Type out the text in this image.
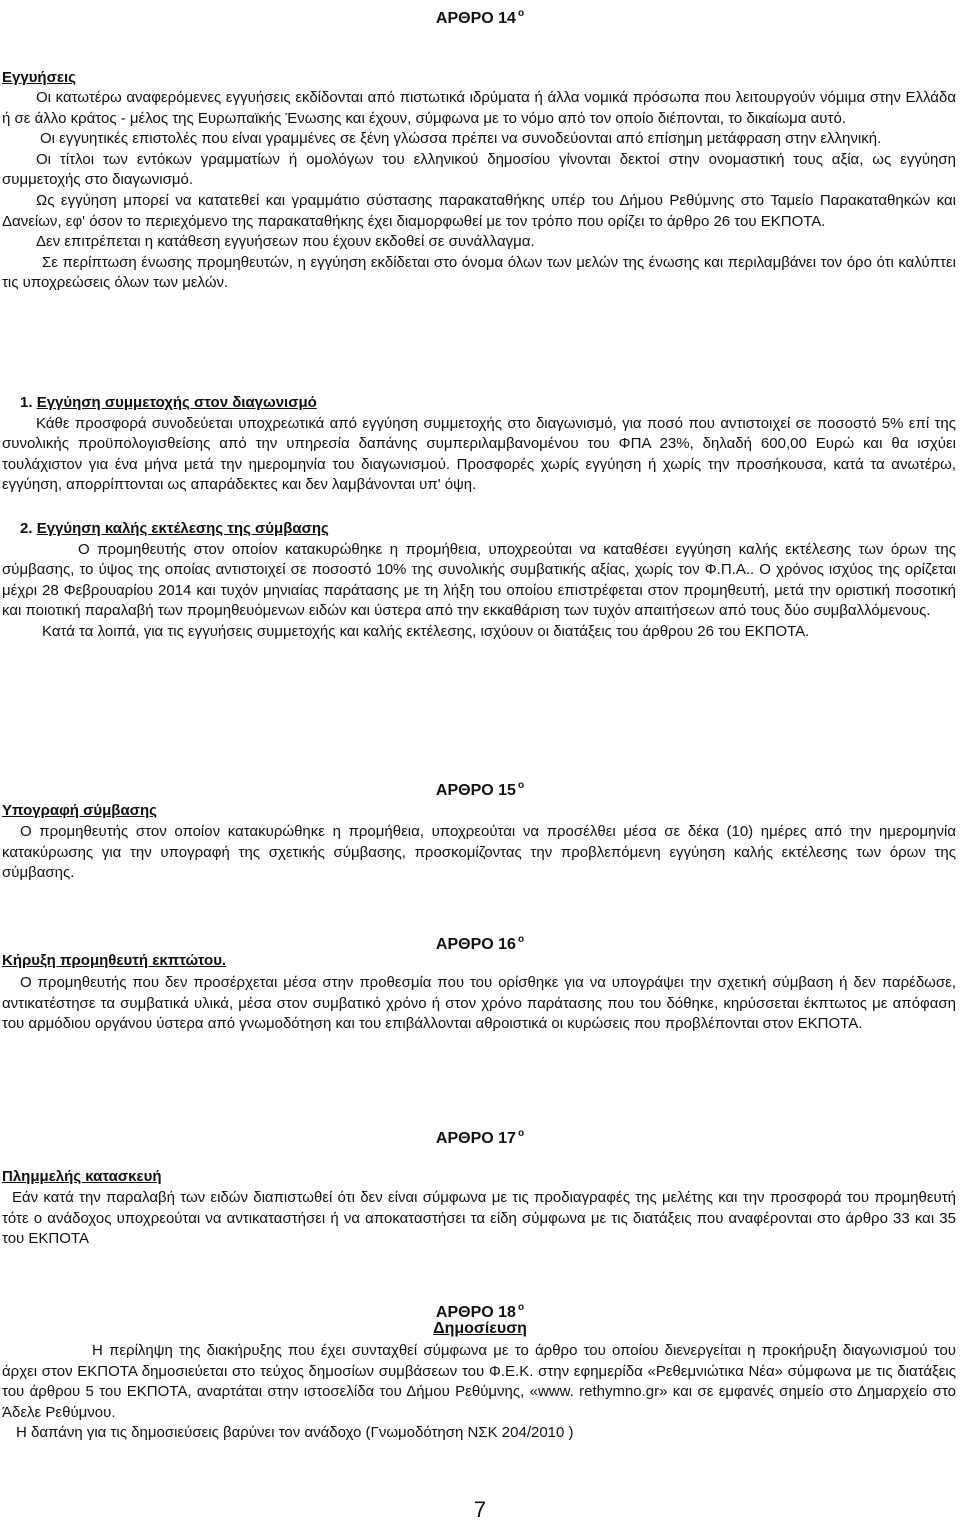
ΑΡΘΡΟ 14 $^o$
Εγγυήσεις

Οι κατωτέρω αναφερόμενες εγγυήσεις εκδίδονται από πιστωτικά ιδρύματα ή άλλα νομικά πρόσωπα που λειτουργούν νόμιμα στην Ελλάδα ή σε άλλο κράτος - μέλος της Ευρωπαϊκής Ένωσης και έχουν, σύμφωνα με το νόμο από τον οποίο διέπονται, το δικαίωμα αυτό.

Οι εγγυητικές επιστολές που είναι γραμμένες σε ξένη γλώσσα πρέπει να συνοδεύονται από επίσημη μετάφραση στην ελληνική.

Οι τίτλοι των εντόκων γραμματίων ή ομολόγων του ελληνικού δημοσίου γίνονται δεκτοί στην ονομαστική τους αξία, ως εγγύηση συμμετοχής στο διαγωνισμό.

Ως εγγύηση μπορεί να κατατεθεί και γραμμάτιο σύστασης παρακαταθήκης υπέρ του Δήμου Ρεθύμνης στο Ταμείο Παρακαταθηκών και Δανείων, εφ' όσον το περιεχόμενο της παρακαταθήκης έχει διαμορφωθεί με τον τρόπο που ορίζει το άρθρο 26 του ΕΚΠΟΤΑ.

Δεν επιτρέπεται η κατάθεση εγγυήσεων που έχουν εκδοθεί σε συνάλλαγμα.

Σε περίπτωση ένωσης προμηθευτών, η εγγύηση εκδίδεται στο όνομα όλων των μελών της ένωσης και περιλαμβάνει τον όρο ότι καλύπτει τις υποχρεώσεις όλων των μελών.

1. Εγγύηση συμμετοχής στον διαγωνισμό

Κάθε προσφορά συνοδεύεται υποχρεωτικά από εγγύηση συμμετοχής στο διαγωνισμό, για ποσό που αντιστοιχεί σε ποσοστό 5% επί της συνολικής προϋπολογισθείσης από την υπηρεσία δαπάνης συμπεριλαμβανομένου του ΦΠΑ 23%, δηλαδή 600,00 Ευρώ και θα ισχύει τουλάχιστον για ένα μήνα μετά την ημερομηνία του διαγωνισμού. Προσφορές χωρίς εγγύηση ή χωρίς την προσήκουσα, κατά τα ανωτέρω, εγγύηση, απορρίπτονται ως απαράδεκτες και δεν λαμβάνονται υπ' όψη.

2. Εγγύηση καλής εκτέλεσης της σύμβασης

Ο προμηθευτής στον οποίον κατακυρώθηκε η προμήθεια, υποχρεούται να καταθέσει εγγύηση καλής εκτέλεσης των όρων της σύμβασης, το ύψος της οποίας αντιστοιχεί σε ποσοστό 10% της συνολικής συμβατικής αξίας, χωρίς τον Φ.Π.Α.. Ο χρόνος ισχύος της ορίζεται μέχρι 28 Φεβρουαρίου 2014 και τυχόν μηνιαίας παράτασης με τη λήξη του οποίου επιστρέφεται στον προμηθευτή, μετά την οριστική ποσοτική και ποιοτική παραλαβή των προμηθευόμενων ειδών και ύστερα από την εκκαθάριση των τυχόν απαιτήσεων από τους δύο συμβαλλόμενους.

Κατά τα λοιπά, για τις εγγυήσεις συμμετοχής και καλής εκτέλεσης, ισχύουν οι διατάξεις του άρθρου 26 του ΕΚΠΟΤΑ.

ΑΡΘΡΟ 15 $^o$
Υπογραφή σύμβασης

Ο προμηθευτής στον οποίον κατακυρώθηκε η προμήθεια, υποχρεούται να προσέλθει μέσα σε δέκα (10) ημέρες από την ημερομηνία κατακύρωσης για την υπογραφή της σχετικής σύμβασης, προσκομίζοντας την προβλεπόμενη εγγύηση καλής εκτέλεσης των όρων της σύμβασης.

ΑΡΘΡΟ 16 $^o$
Κήρυξη προμηθευτή εκπτώτου.

Ο προμηθευτής που δεν προσέρχεται μέσα στην προθεσμία που του ορίσθηκε για να υπογράψει την σχετική σύμβαση ή δεν παρέδωσε, αντικατέστησε τα συμβατικά υλικά, μέσα στον συμβατικό χρόνο ή στον χρόνο παράτασης που του δόθηκε, κηρύσσεται έκπτωτος με απόφαση του αρμόδιου οργάνου ύστερα από γνωμοδότηση και του επιβάλλονται αθροιστικά οι κυρώσεις που προβλέπονται στον ΕΚΠΟΤΑ.

ΑΡΘΡΟ 17 $^o$
Πλημμελής κατασκευή

Εάν κατά την παραλαβή των ειδών διαπιστωθεί ότι δεν είναι σύμφωνα με τις προδιαγραφές της μελέτης και την προσφορά του προμηθευτή τότε ο ανάδοχος υποχρεούται να αντικαταστήσει ή να αποκαταστήσει τα είδη σύμφωνα με τις διατάξεις που αναφέρονται στο άρθρο 33 και 35 του ΕΚΠΟΤΑ

ΑΡΘΡΟ 18 $^o$
Δημοσίευση

Η περίληψη της διακήρυξης που έχει συνταχθεί σύμφωνα με το άρθρο του οποίου διενεργείται η προκήρυξη διαγωνισμού του άρχει στον ΕΚΠΟΤΑ δημοσιεύεται στο τεύχος δημοσίων συμβάσεων του Φ.Ε.Κ. στην εφημερίδα «Ρεθεμνιώτικα Νέα» σύμφωνα με τις διατάξεις του άρθρου 5 του ΕΚΠΟΤΑ, αναρτάται στην ιστοσελίδα του Δήμου Ρεθύμνης, «www. rethymno.gr» και σε εμφανές σημείο στο Δημαρχείο στο Άδελε Ρεθύμνου.

Η δαπάνη για τις δημοσιεύσεις βαρύνει τον ανάδοχο (Γνωμοδότηση ΝΣΚ 204/2010 )

7
